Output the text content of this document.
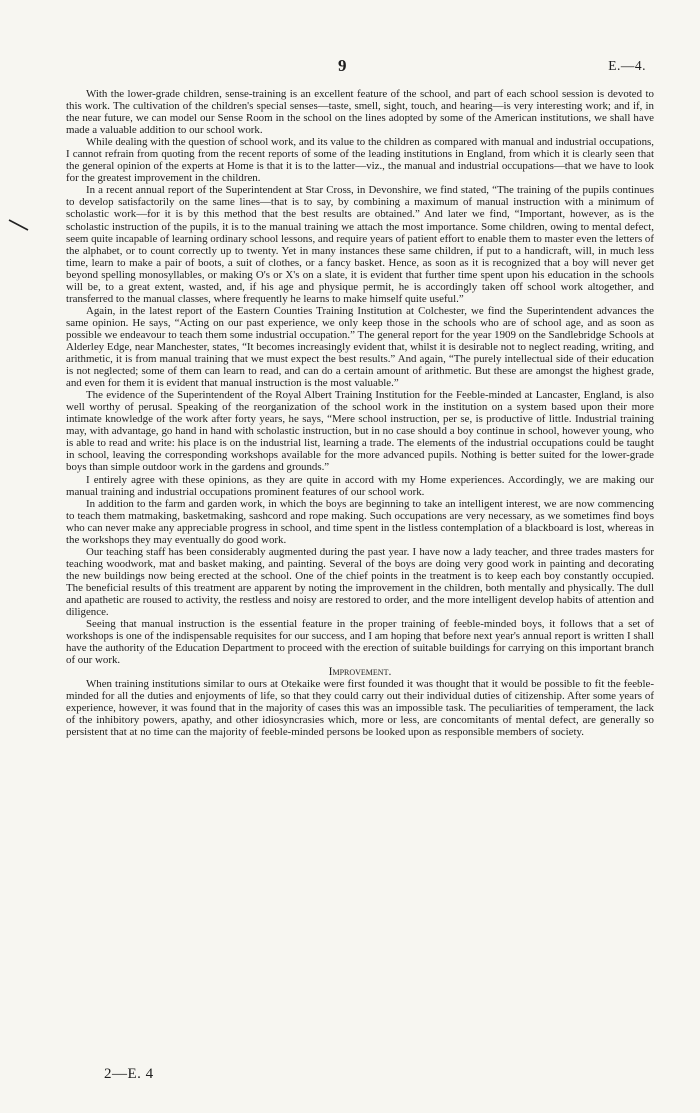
9	E.—4.

With the lower-grade children, sense-training is an excellent feature of the school, and part of each school session is devoted to this work. The cultivation of the children's special senses—taste, smell, sight, touch, and hearing—is very interesting work; and if, in the near future, we can model our Sense Room in the school on the lines adopted by some of the American institutions, we shall have made a valuable addition to our school work.

While dealing with the question of school work, and its value to the children as compared with manual and industrial occupations, I cannot refrain from quoting from the recent reports of some of the leading institutions in England, from which it is clearly seen that the general opinion of the experts at Home is that it is to the latter—viz., the manual and industrial occupations—that we have to look for the greatest improvement in the children.

In a recent annual report of the Superintendent at Star Cross, in Devonshire, we find stated, “The training of the pupils continues to develop satisfactorily on the same lines—that is to say, by combining a maximum of manual instruction with a minimum of scholastic work—for it is by this method that the best results are obtained.” And later we find, “Important, however, as is the scholastic instruction of the pupils, it is to the manual training we attach the most importance. Some children, owing to mental defect, seem quite incapable of learning ordinary school lessons, and require years of patient effort to enable them to master even the letters of the alphabet, or to count correctly up to twenty. Yet in many instances these same children, if put to a handicraft, will, in much less time, learn to make a pair of boots, a suit of clothes, or a fancy basket. Hence, as soon as it is recognized that a boy will never get beyond spelling monosyllables, or making O's or X's on a slate, it is evident that further time spent upon his education in the schools will be, to a great extent, wasted, and, if his age and physique permit, he is accordingly taken off school work altogether, and transferred to the manual classes, where frequently he learns to make himself quite useful.”

Again, in the latest report of the Eastern Counties Training Institution at Colchester, we find the Superintendent advances the same opinion. He says, “Acting on our past experience, we only keep those in the schools who are of school age, and as soon as possible we endeavour to teach them some industrial occupation.” The general report for the year 1909 on the Sandlebridge Schools at Alderley Edge, near Manchester, states, “It becomes increasingly evident that, whilst it is desirable not to neglect reading, writing, and arithmetic, it is from manual training that we must expect the best results.” And again, “The purely intellectual side of their education is not neglected; some of them can learn to read, and can do a certain amount of arithmetic. But these are amongst the highest grade, and even for them it is evident that manual instruction is the most valuable.”

The evidence of the Superintendent of the Royal Albert Training Institution for the Feeble-minded at Lancaster, England, is also well worthy of perusal. Speaking of the reorganization of the school work in the institution on a system based upon their more intimate knowledge of the work after forty years, he says, “Mere school instruction, per se, is productive of little. Industrial training may, with advantage, go hand in hand with scholastic instruction, but in no case should a boy continue in school, however young, who is able to read and write: his place is on the industrial list, learning a trade. The elements of the industrial occupations could be taught in school, leaving the corresponding workshops available for the more advanced pupils. Nothing is better suited for the lower-grade boys than simple outdoor work in the gardens and grounds.”

I entirely agree with these opinions, as they are quite in accord with my Home experiences. Accordingly, we are making our manual training and industrial occupations prominent features of our school work.

In addition to the farm and garden work, in which the boys are beginning to take an intelligent interest, we are now commencing to teach them matmaking, basketmaking, sashcord and rope making. Such occupations are very necessary, as we sometimes find boys who can never make any appreciable progress in school, and time spent in the listless contemplation of a blackboard is lost, whereas in the workshops they may eventually do good work.

Our teaching staff has been considerably augmented during the past year. I have now a lady teacher, and three trades masters for teaching woodwork, mat and basket making, and painting. Several of the boys are doing very good work in painting and decorating the new buildings now being erected at the school. One of the chief points in the treatment is to keep each boy constantly occupied. The beneficial results of this treatment are apparent by noting the improvement in the children, both mentally and physically. The dull and apathetic are roused to activity, the restless and noisy are restored to order, and the more intelligent develop habits of attention and diligence.

Seeing that manual instruction is the essential feature in the proper training of feeble-minded boys, it follows that a set of workshops is one of the indispensable requisites for our success, and I am hoping that before next year's annual report is written I shall have the authority of the Education Department to proceed with the erection of suitable buildings for carrying on this important branch of our work.

Improvement.

When training institutions similar to ours at Otekaike were first founded it was thought that it would be possible to fit the feeble-minded for all the duties and enjoyments of life, so that they could carry out their individual duties of citizenship. After some years of experience, however, it was found that in the majority of cases this was an impossible task. The peculiarities of temperament, the lack of the inhibitory powers, apathy, and other idiosyncrasies which, more or less, are concomitants of mental defect, are generally so persistent that at no time can the majority of feeble-minded persons be looked upon as responsible members of society.

2—E. 4
